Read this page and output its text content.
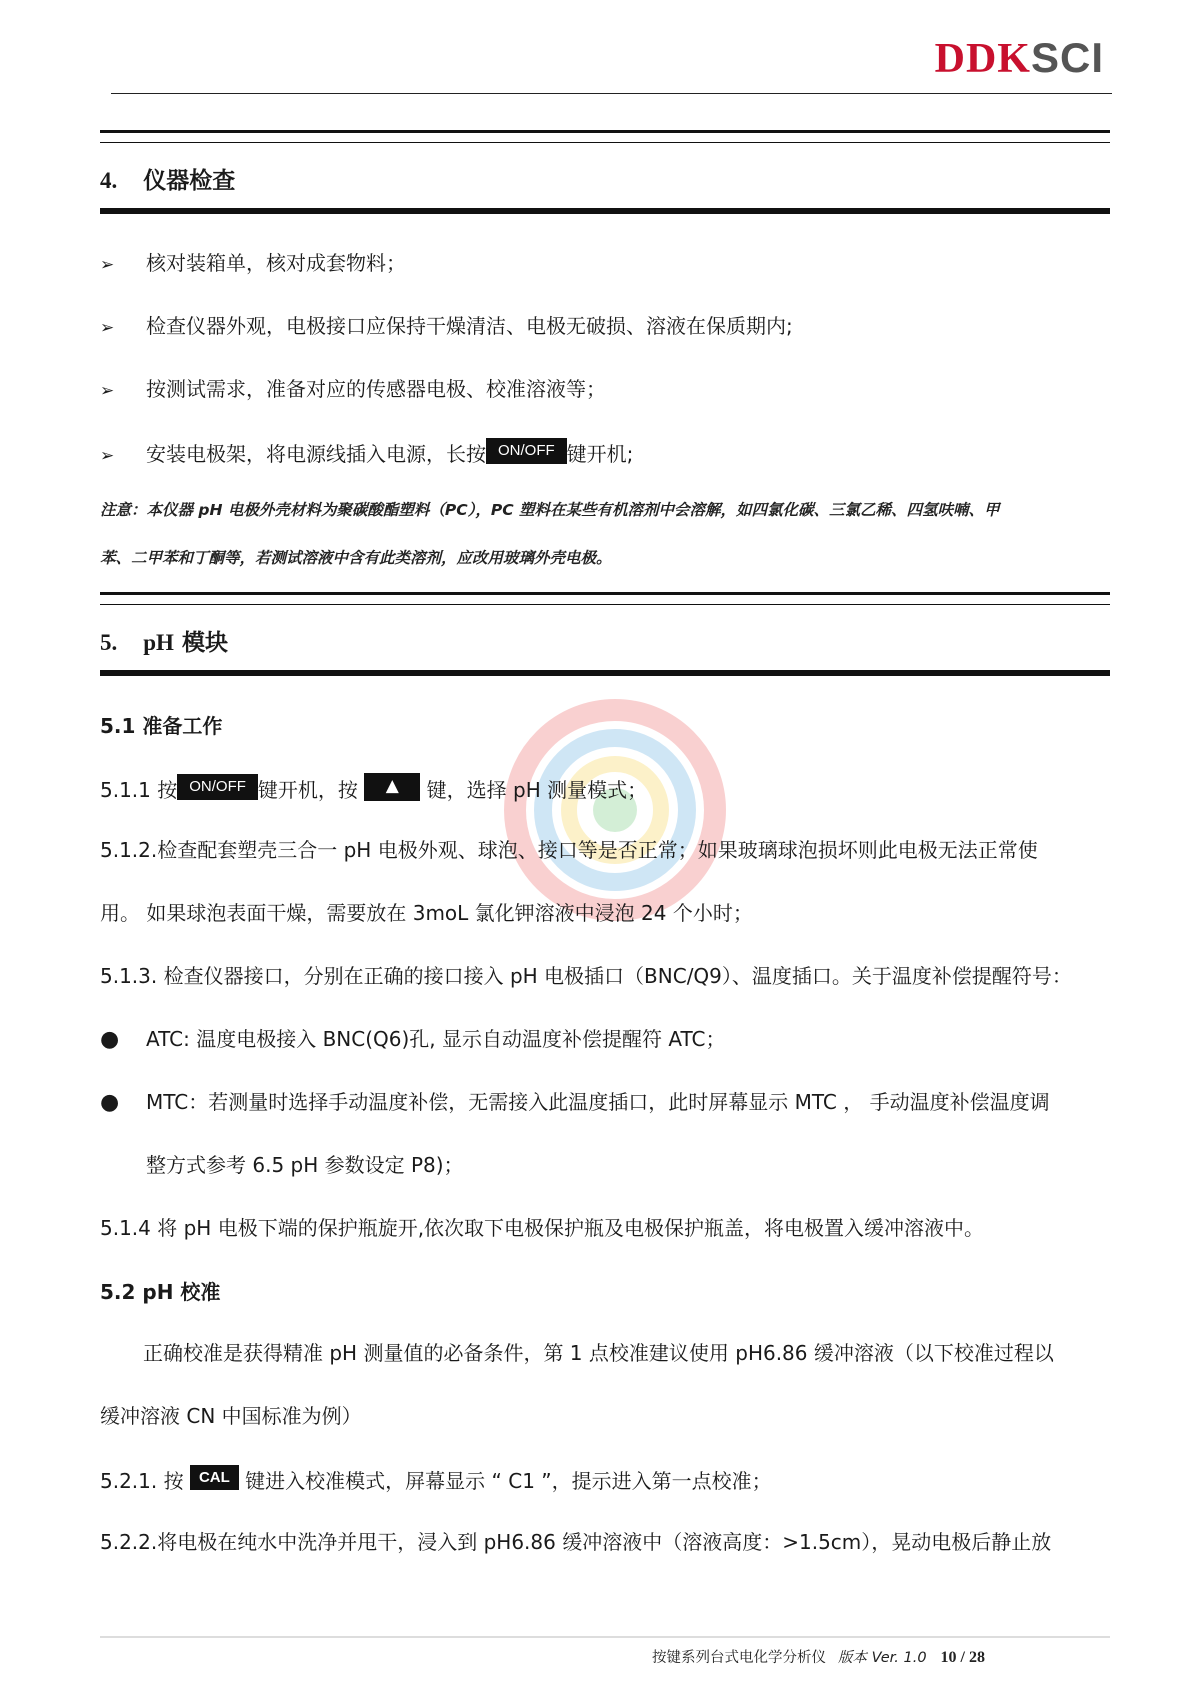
DDKSCI
4. 仪器检查
➢ 核对装箱单，核对成套物料；
➢ 检查仪器外观，电极接口应保持干燥清洁、电极无破损、溶液在保质期内;
➢ 按测试需求，准备对应的传感器电极、校准溶液等；
➢ 安装电极架，将电源线插入电源，长按 ON/OFF 键开机;
注意：本仪器 pH 电极外壳材料为聚碳酸酯塑料（PC），PC 塑料在某些有机溶剂中会溶解，如四氯化碳、三氯乙稀、四氢呋喃、甲
苯、二甲苯和丁酮等，若测试溶液中含有此类溶剂，应改用玻璃外壳电极。
5. pH 模块
5.1 准备工作
5.1.1 按 ON/OFF 键开机，按 ▲ 键，选择 pH 测量模式；
5.1.2.检查配套塑壳三合一 pH 电极外观、球泡、接口等是否正常；如果玻璃球泡损坏则此电极无法正常使
用。 如果球泡表面干燥，需要放在 3moL 氯化钾溶液中浸泡 24 个小时；
5.1.3. 检查仪器接口，分别在正确的接口接入 pH 电极插口（BNC/Q9）、温度插口。关于温度补偿提醒符号：
● ATC: 温度电极接入 BNC(Q6)孔, 显示自动温度补偿提醒符 ATC；
● MTC：若测量时选择手动温度补偿，无需接入此温度插口，此时屏幕显示 MTC ， 手动温度补偿温度调
整方式参考 6.5 pH 参数设定 P8)；
5.1.4 将 pH 电极下端的保护瓶旋开,依次取下电极保护瓶及电极保护瓶盖，将电极置入缓冲溶液中。
5.2 pH 校准
正确校准是获得精准 pH 测量值的必备条件，第 1 点校准建议使用 pH6.86 缓冲溶液（以下校准过程以
缓冲溶液 CN 中国标准为例）
5.2.1. 按 CAL 键进入校准模式，屏幕显示 “ C1 ”，提示进入第一点校准；
5.2.2.将电极在纯水中洗净并甩干，浸入到 pH6.86 缓冲溶液中（溶液高度：>1.5cm），晃动电极后静止放
按键系列台式电化学分析仪 版本 Ver. 1.0 10 / 28
